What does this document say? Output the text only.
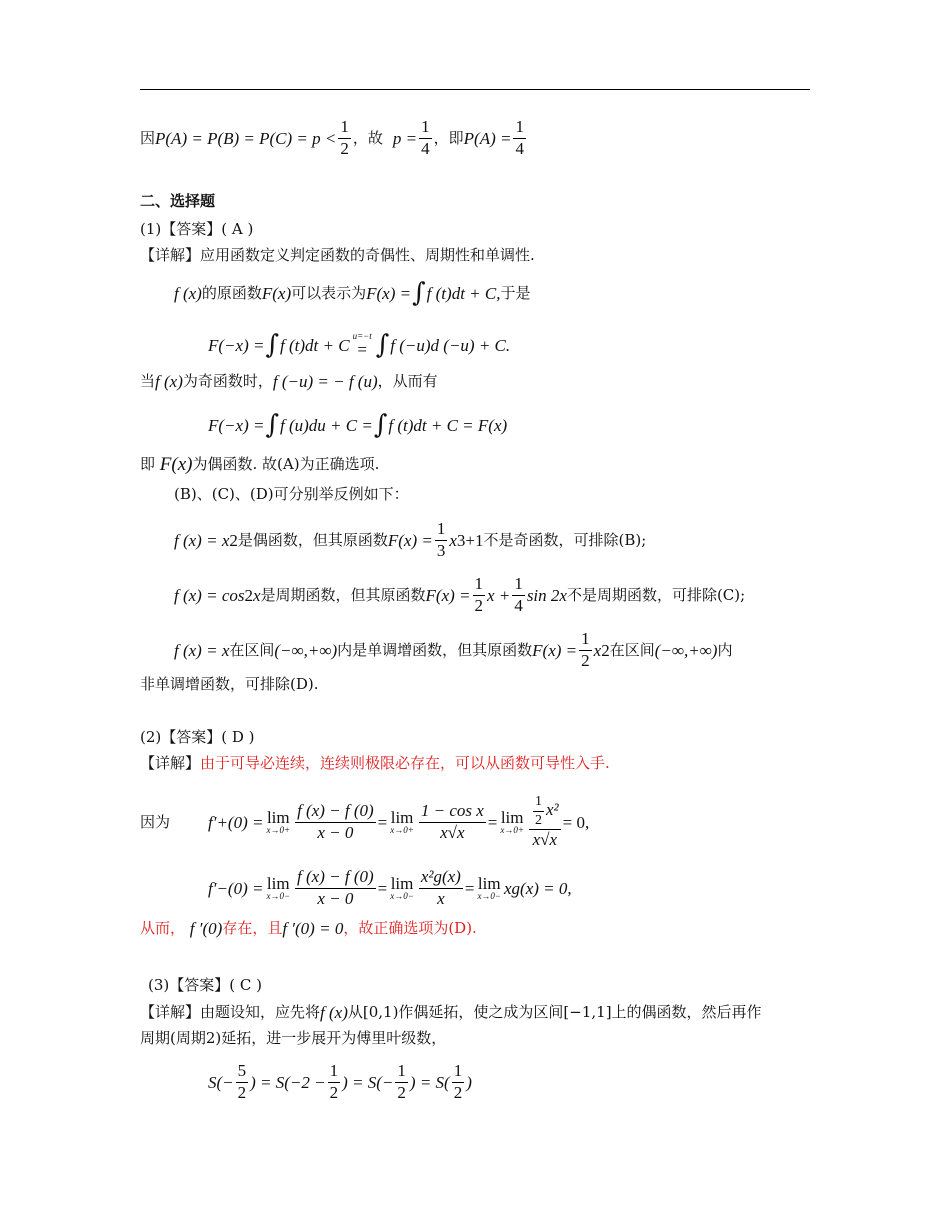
因 $P(A) = P(B) = P(C) = p < \frac{1}{2}$ ，故 $p = \frac{1}{4}$ ，即 $P(A) = \frac{1}{4}$
二、选择题
(1)【答案】( A )
【详解】应用函数定义判定函数的奇偶性、周期性和单调性.
f (x) 的原函数 F(x) 可以表示为 F(x) = ∫ f (t)dt + C, 于是
F(−x) = ∫ f (t)dt + C u=−t
= ∫ f (−u)d (−u) + C.
当 f (x) 为奇函数时， f (−u) = − f (u) ，从而有
F(−x) = ∫ f (u)du + C = ∫ f (t)dt + C = F(x)
即
F(x) 为偶函数. 故(A)为正确选项.
(B)、(C)、(D)可分别举反例如下：
f (x) = x 2 是偶函数，但其原函数 $F(x) = \frac{1}{3}$ x 3 +1 不是奇函数，可排除(B);
f (x) = cos 2 x 是周期函数，但其原函数 $F(x) = \frac{1}{2}$ $x + \frac{1}{4}$ sin 2x 不是周期函数，可排除(C);
f (x) = x 在区间 (−∞,+∞) 内是单调增函数，但其原函数 $F(x) = \frac{1}{2}$ x 2 在区间 (−∞,+∞) 内
非单调增函数，可排除(D).
(2)【答案】( D )
【详解】 由于可导必连续，连续则极限必存在，可以从函数可导性入手.
因为 f′+(0) = lim
$x\to 0+ \frac{f (x) - f (0)}{x - 0} = \lim$
$x\to 0+ \frac{\text{1 − cos x}}{x√x} = \lim$
$x\to 0+ \frac{\frac{1}{2} x^2}{x√x} = 0$,
f′−(0) = lim
$x\to 0- \frac{f (x) - f (0)}{x - 0} = \lim$
$x\to 0- \frac{\text{x²g(x)}}{x} = \lim$
x→0− xg(x) = 0,
从而，
f ′(0) 存在，且 f ′(0) = 0 ，故正确选项为(D).
(3)【答案】( C )
【详解】由题设知，应先将 f (x) 从[0,1)作偶延拓，使之成为区间[−1,1]上的偶函数，然后再作
周期(周期2)延拓，进一步展开为傅里叶级数，
$S(- \frac{5}{2}$ ) = $S(-2 - \frac{1}{2}$ ) = $S(- \frac{1}{2}$ ) = $S( \frac{1}{2}$ )
